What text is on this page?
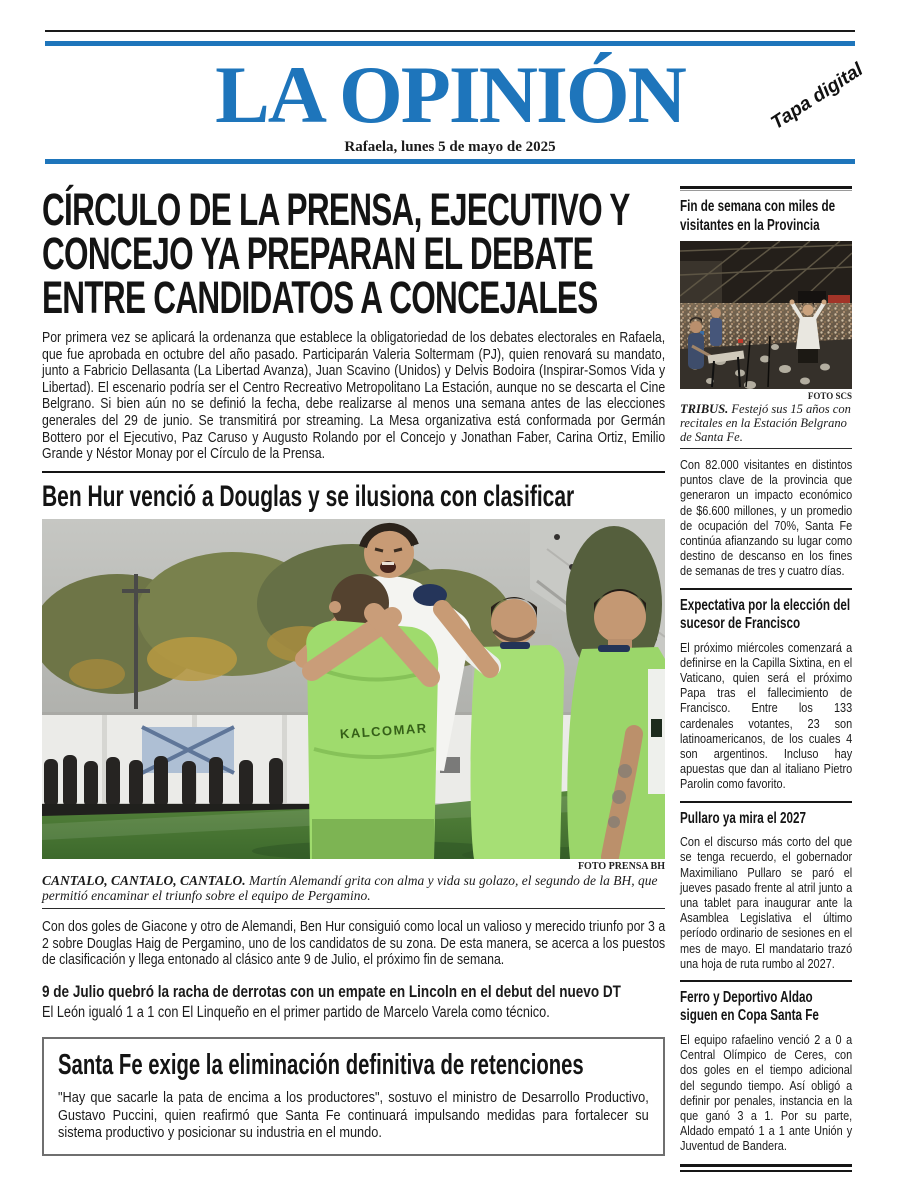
LA OPINIÓN	Tapa digital
Rafaela, lunes 5 de mayo de 2025
CÍRCULO DE LA PRENSA, EJECUTIVO Y CONCEJO YA PREPARAN EL DEBATE ENTRE CANDIDATOS A CONCEJALES

Por primera vez se aplicará la ordenanza que establece la obligatoriedad de los debates electorales en Rafaela, que fue aprobada en octubre del año pasado. Participarán Valeria Soltermam (PJ), quien renovará su mandato, junto a Fabricio Dellasanta (La Libertad Avanza), Juan Scavino (Unidos) y Delvis Bodoira (Inspirar-Somos Vida y Libertad). El escenario podría ser el Centro Recreativo Metropolitano La Estación, aunque no se descarta el Cine Belgrano. Si bien aún no se definió la fecha, debe realizarse al menos una semana antes de las elecciones generales del 29 de junio. Se transmitirá por streaming. La Mesa organizativa está conformada por Germán Bottero por el Ejecutivo, Paz Caruso y Augusto Rolando por el Concejo y Jonathan Faber, Carina Ortiz, Emilio Grande y Néstor Monay por el Círculo de la Prensa.

Ben Hur venció a Douglas y se ilusiona con clasificar
KALCOMAR
FOTO PRENSA BH

CANTALO, CANTALO, CANTALO. Martín Alemandí grita con alma y vida su golazo, el segundo de la BH, que permitió encaminar el triunfo sobre el equipo de Pergamino.

Con dos goles de Giacone y otro de Alemandi, Ben Hur consiguió como local un valioso y merecido triunfo por 3 a 2 sobre Douglas Haig de Pergamino, uno de los candidatos de su zona. De esta manera, se acerca a los puestos de clasificación y llega entonado al clásico ante 9 de Julio, el próximo fin de semana.

9 de Julio quebró la racha de derrotas con un empate en Lincoln en el debut del nuevo DT

El León igualó 1 a 1 con El Linqueño en el primer partido de Marcelo Varela como técnico.

Santa Fe exige la eliminación definitiva de retenciones

"Hay que sacarle la pata de encima a los productores", sostuvo el ministro de Desarrollo Productivo, Gustavo Puccini, quien reafirmó que Santa Fe continuará impulsando medidas para fortalecer su sistema productivo y posicionar su industria en el mundo.

Fin de semana con miles de visitantes en la Provincia
FOTO SCS

TRIBUS. Festejó sus 15 años con recitales en la Estación Belgrano de Santa Fe.

Con 82.000 visitantes en distintos puntos clave de la provincia que generaron un impacto económico de $6.600 millones, y un promedio de ocupación del 70%, Santa Fe continúa afianzando su lugar como destino de descanso en los fines de semanas de tres y cuatro días.

Expectativa por la elección del sucesor de Francisco

El próximo miércoles comenzará a definirse en la Capilla Sixtina, en el Vaticano, quien será el próximo Papa tras el fallecimiento de Francisco. Entre los 133 cardenales votantes, 23 son latinoamericanos, de los cuales 4 son argentinos. Incluso hay apuestas que dan al italiano Pietro Parolin como favorito.

Pullaro ya mira el 2027

Con el discurso más corto del que se tenga recuerdo, el gobernador Maximiliano Pullaro se paró el jueves pasado frente al atril junto a una tablet para inaugurar ante la Asamblea Legislativa el último período ordinario de sesiones en el mes de mayo. El mandatario trazó una hoja de ruta rumbo al 2027.

Ferro y Deportivo Aldao siguen en Copa Santa Fe

El equipo rafaelino venció 2 a 0 a Central Olímpico de Ceres, con dos goles en el tiempo adicional del segundo tiempo. Así obligó a definir por penales, instancia en la que ganó 3 a 1. Por su parte, Aldado empató 1 a 1 ante Unión y Juventud de Bandera.
